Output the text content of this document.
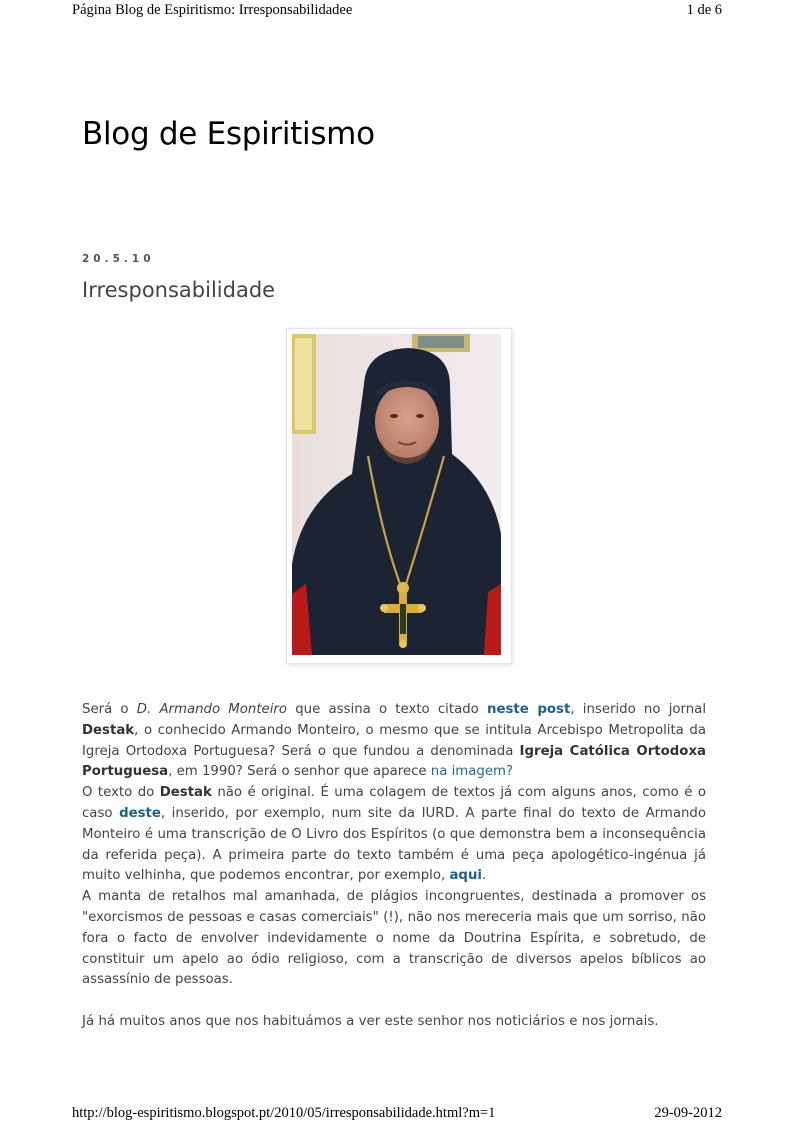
Página Blog de Espiritismo: Irresponsabilidadee	1 de 6
Blog de Espiritismo
20.5.10
Irresponsabilidade

Será o D. Armando Monteiro que assina o texto citado neste post, inserido no jornal Destak, o conhecido Armando Monteiro, o mesmo que se intitula Arcebispo Metropolita da Igreja Ortodoxa Portuguesa? Será o que fundou a denominada Igreja Católica Ortodoxa Portuguesa, em 1990? Será o senhor que aparece na imagem?

O texto do Destak não é original. É uma colagem de textos já com alguns anos, como é o caso deste, inserido, por exemplo, num site da IURD. A parte final do texto de Armando Monteiro é uma transcrição de O Livro dos Espíritos (o que demonstra bem a inconsequência da referida peça). A primeira parte do texto também é uma peça apologético-ingénua já muito velhinha, que podemos encontrar, por exemplo, aqui.

A manta de retalhos mal amanhada, de plágios incongruentes, destinada a promover os "exorcismos de pessoas e casas comerciais" (!), não nos mereceria mais que um sorriso, não fora o facto de envolver indevidamente o nome da Doutrina Espírita, e sobretudo, de constituir um apelo ao ódio religioso, com a transcrição de diversos apelos bíblicos ao assassínio de pessoas.

Já há muitos anos que nos habituámos a ver este senhor nos noticiários e nos jornais.

http://blog-espiritismo.blogspot.pt/2010/05/irresponsabilidade.html?m=1	29-09-2012
